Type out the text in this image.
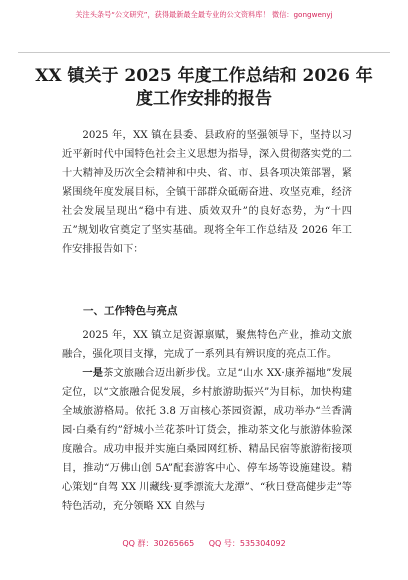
关注头条号“公文研究”，获得最新最全最专业的公文资料库！ 微信：gongwenyj
XX 镇关于 2025 年度工作总结和 2026 年
度工作安排的报告

2025 年，XX 镇在县委、县政府的坚强领导下，坚持以习近平新时代中国特色社会主义思想为指导，深入贯彻落实党的二十大精神及历次全会精神和中央、省、市、县各项决策部署，紧紧围绕年度发展目标，全镇干部群众砥砺奋进、攻坚克难，经济社会发展呈现出“稳中有进、质效双升”的良好态势，为“十四五”规划收官奠定了坚实基础。现将全年工作总结及 2026 年工作安排报告如下：

一、工作特色与亮点

2025 年，XX 镇立足资源禀赋，聚焦特色产业，推动文旅融合，强化项目支撑，完成了一系列具有辨识度的亮点工作。

一是茶文旅融合迈出新步伐。立足“山水 XX·康养福地”发展定位，以“文旅融合促发展，乡村旅游助振兴”为目标，加快构建全域旅游格局。依托 3.8 万亩核心茶园资源，成功举办“兰香满园·白桑有约”舒城小兰花茶叶订货会，推动茶文化与旅游体验深度融合。成功申报并实施白桑园网红桥、精品民宿等旅游衔接项目，推动“万佛山创 5A”配套游客中心、停车场等设施建设。精心策划“自驾 XX 川藏线·夏季漂流大龙潭”、“秋日登高健步走”等特色活动，充分领略 XX 自然与

QQ 群：30265665 QQ 号：535304092
